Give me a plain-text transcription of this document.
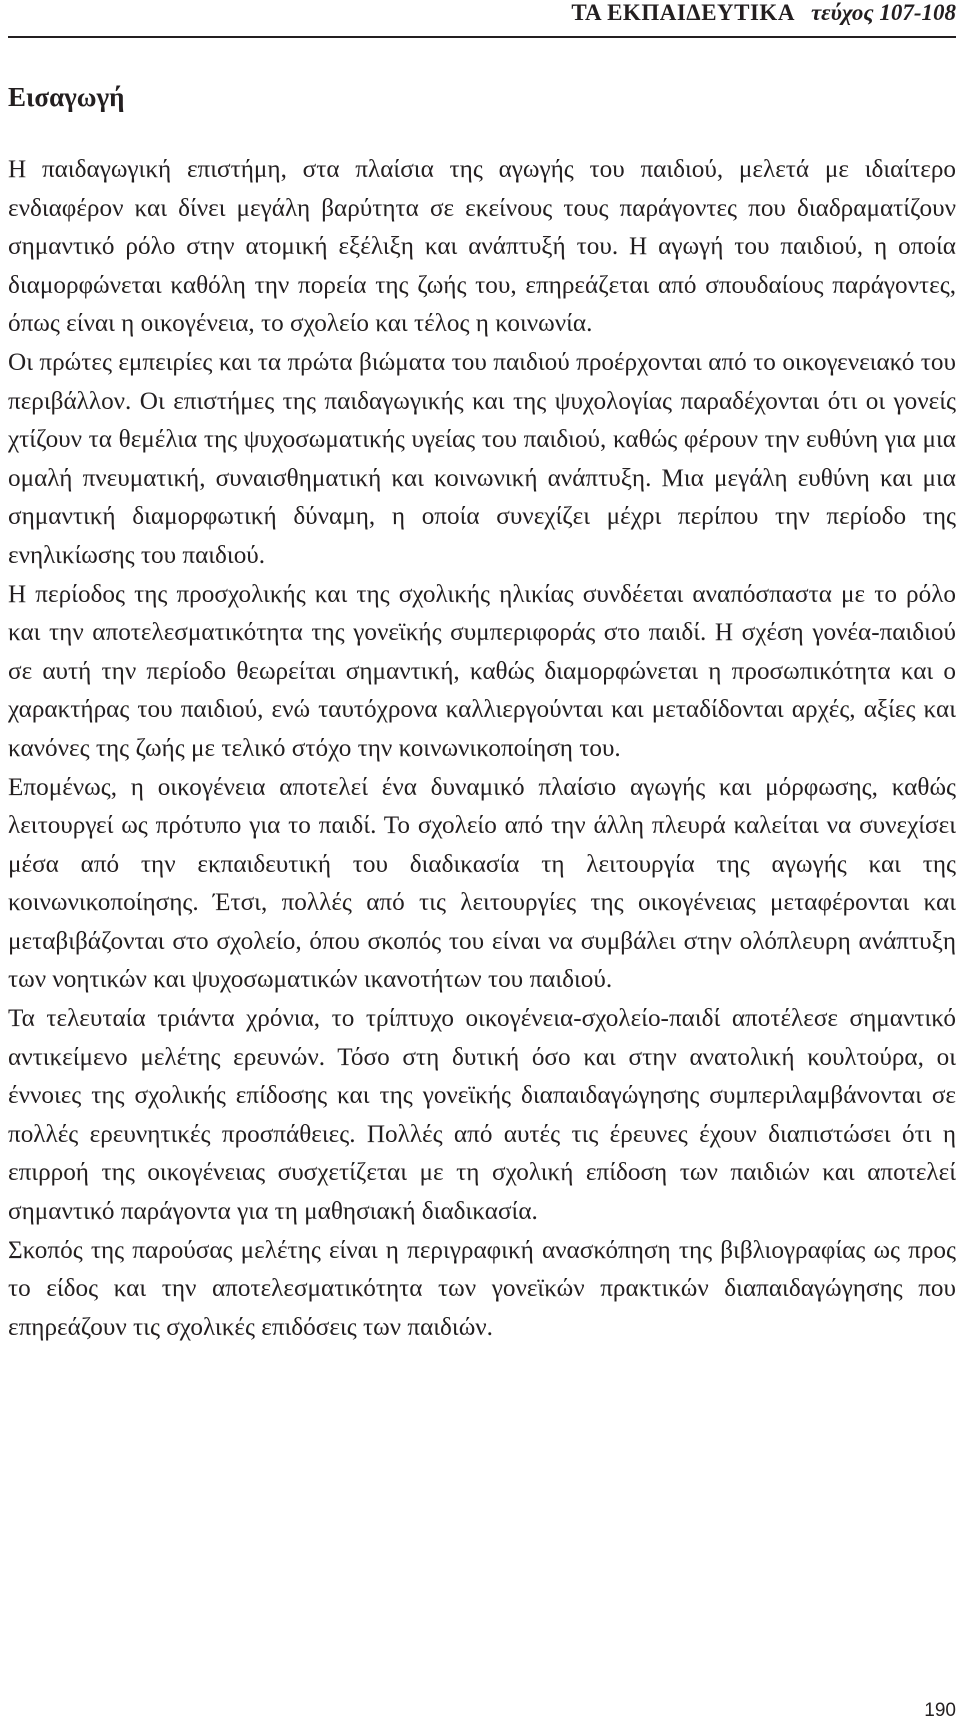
ΤΑ ΕΚΠΑΙΔΕΥΤΙΚΑ τεύχος 107-108
Εισαγωγή

Η παιδαγωγική επιστήμη, στα πλαίσια της αγωγής του παιδιού, μελετά με ιδιαίτερο ενδιαφέρον και δίνει μεγάλη βαρύτητα σε εκείνους τους παράγοντες που διαδραματίζουν σημαντικό ρόλο στην ατομική εξέλιξη και ανάπτυξή του. Η αγωγή του παιδιού, η οποία διαμορφώνεται καθόλη την πορεία της ζωής του, επηρεάζεται από σπουδαίους παράγοντες, όπως είναι η οικογένεια, το σχολείο και τέλος η κοινωνία.

Οι πρώτες εμπειρίες και τα πρώτα βιώματα του παιδιού προέρχονται από το οικογενειακό του περιβάλλον. Οι επιστήμες της παιδαγωγικής και της ψυχολογίας παραδέχονται ότι οι γονείς χτίζουν τα θεμέλια της ψυχοσωματικής υγείας του παιδιού, καθώς φέρουν την ευθύνη για μια ομαλή πνευματική, συναισθηματική και κοινωνική ανάπτυξη. Μια μεγάλη ευθύνη και μια σημαντική διαμορφωτική δύναμη, η οποία συνεχίζει μέχρι περίπου την περίοδο της ενηλικίωσης του παιδιού.

Η περίοδος της προσχολικής και της σχολικής ηλικίας συνδέεται αναπόσπαστα με το ρόλο και την αποτελεσματικότητα της γονεϊκής συμπεριφοράς στο παιδί. Η σχέση γονέα-παιδιού σε αυτή την περίοδο θεωρείται σημαντική, καθώς διαμορφώνεται η προσωπικότητα και ο χαρακτήρας του παιδιού, ενώ ταυτόχρονα καλλιεργούνται και μεταδίδονται αρχές, αξίες και κανόνες της ζωής με τελικό στόχο την κοινωνικοποίηση του.

Επομένως, η οικογένεια αποτελεί ένα δυναμικό πλαίσιο αγωγής και μόρφωσης, καθώς λειτουργεί ως πρότυπο για το παιδί. Το σχολείο από την άλλη πλευρά καλείται να συνεχίσει μέσα από την εκπαιδευτική του διαδικασία τη λειτουργία της αγωγής και της κοινωνικοποίησης. Έτσι, πολλές από τις λειτουργίες της οικογένειας μεταφέρονται και μεταβιβάζονται στο σχολείο, όπου σκοπός του είναι να συμβάλει στην ολόπλευρη ανάπτυξη των νοητικών και ψυχοσωματικών ικανοτήτων του παιδιού.

Τα τελευταία τριάντα χρόνια, το τρίπτυχο οικογένεια-σχολείο-παιδί αποτέλεσε σημαντικό αντικείμενο μελέτης ερευνών. Τόσο στη δυτική όσο και στην ανατολική κουλτούρα, οι έννοιες της σχολικής επίδοσης και της γονεϊκής διαπαιδαγώγησης συμπεριλαμβάνονται σε πολλές ερευνητικές προσπάθειες. Πολλές από αυτές τις έρευνες έχουν διαπιστώσει ότι η επιρροή της οικογένειας συσχετίζεται με τη σχολική επίδοση των παιδιών και αποτελεί σημαντικό παράγοντα για τη μαθησιακή διαδικασία.

Σκοπός της παρούσας μελέτης είναι η περιγραφική ανασκόπηση της βιβλιογραφίας ως προς το είδος και την αποτελεσματικότητα των γονεϊκών πρακτικών διαπαιδαγώγησης που επηρεάζουν τις σχολικές επιδόσεις των παιδιών.

190
